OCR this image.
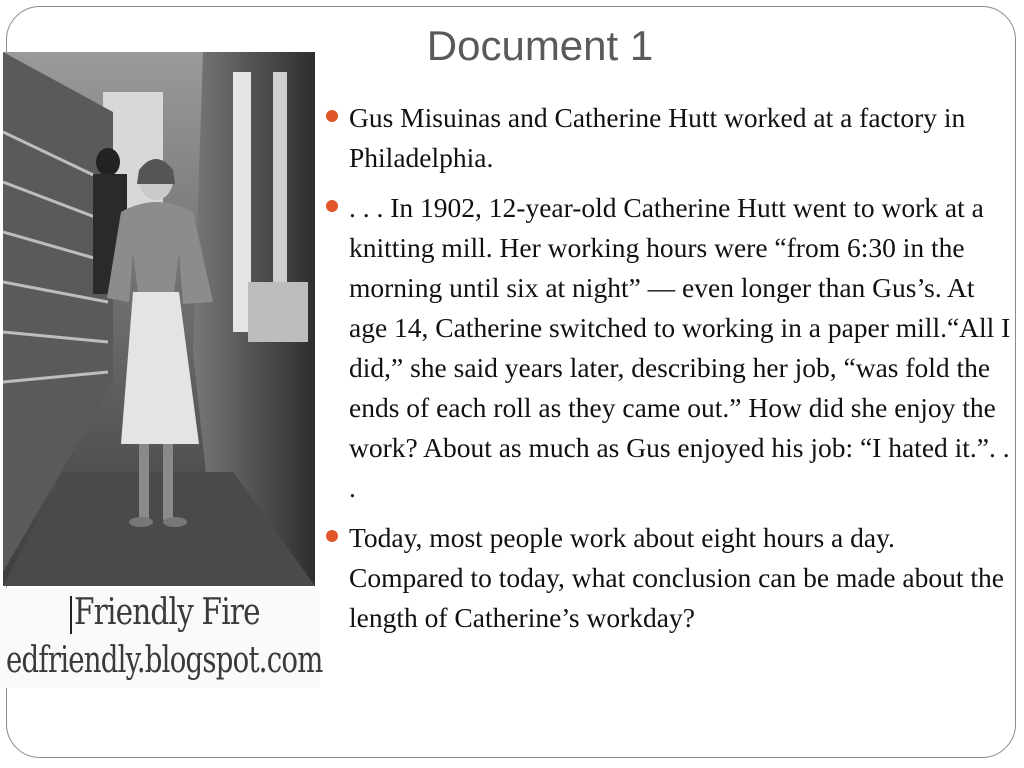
Document 1
Friendly Fire
edfriendly.blogspot.com
Gus Misuinas and Catherine Hutt worked at a factory in Philadelphia.
. . . In 1902, 12-year-old Catherine Hutt went to work at a knitting mill. Her working hours were “from 6:30 in the morning until six at night” — even longer than Gus’s. At age 14, Catherine switched to working in a paper mill.“All I did,” she said years later, describing her job, “was fold the ends of each roll as they came out.” How did she enjoy the work? About as much as Gus enjoyed his job: “I hated it.”. . .
Today, most people work about eight hours a day. Compared to today, what conclusion can be made about the length of Catherine’s workday?
